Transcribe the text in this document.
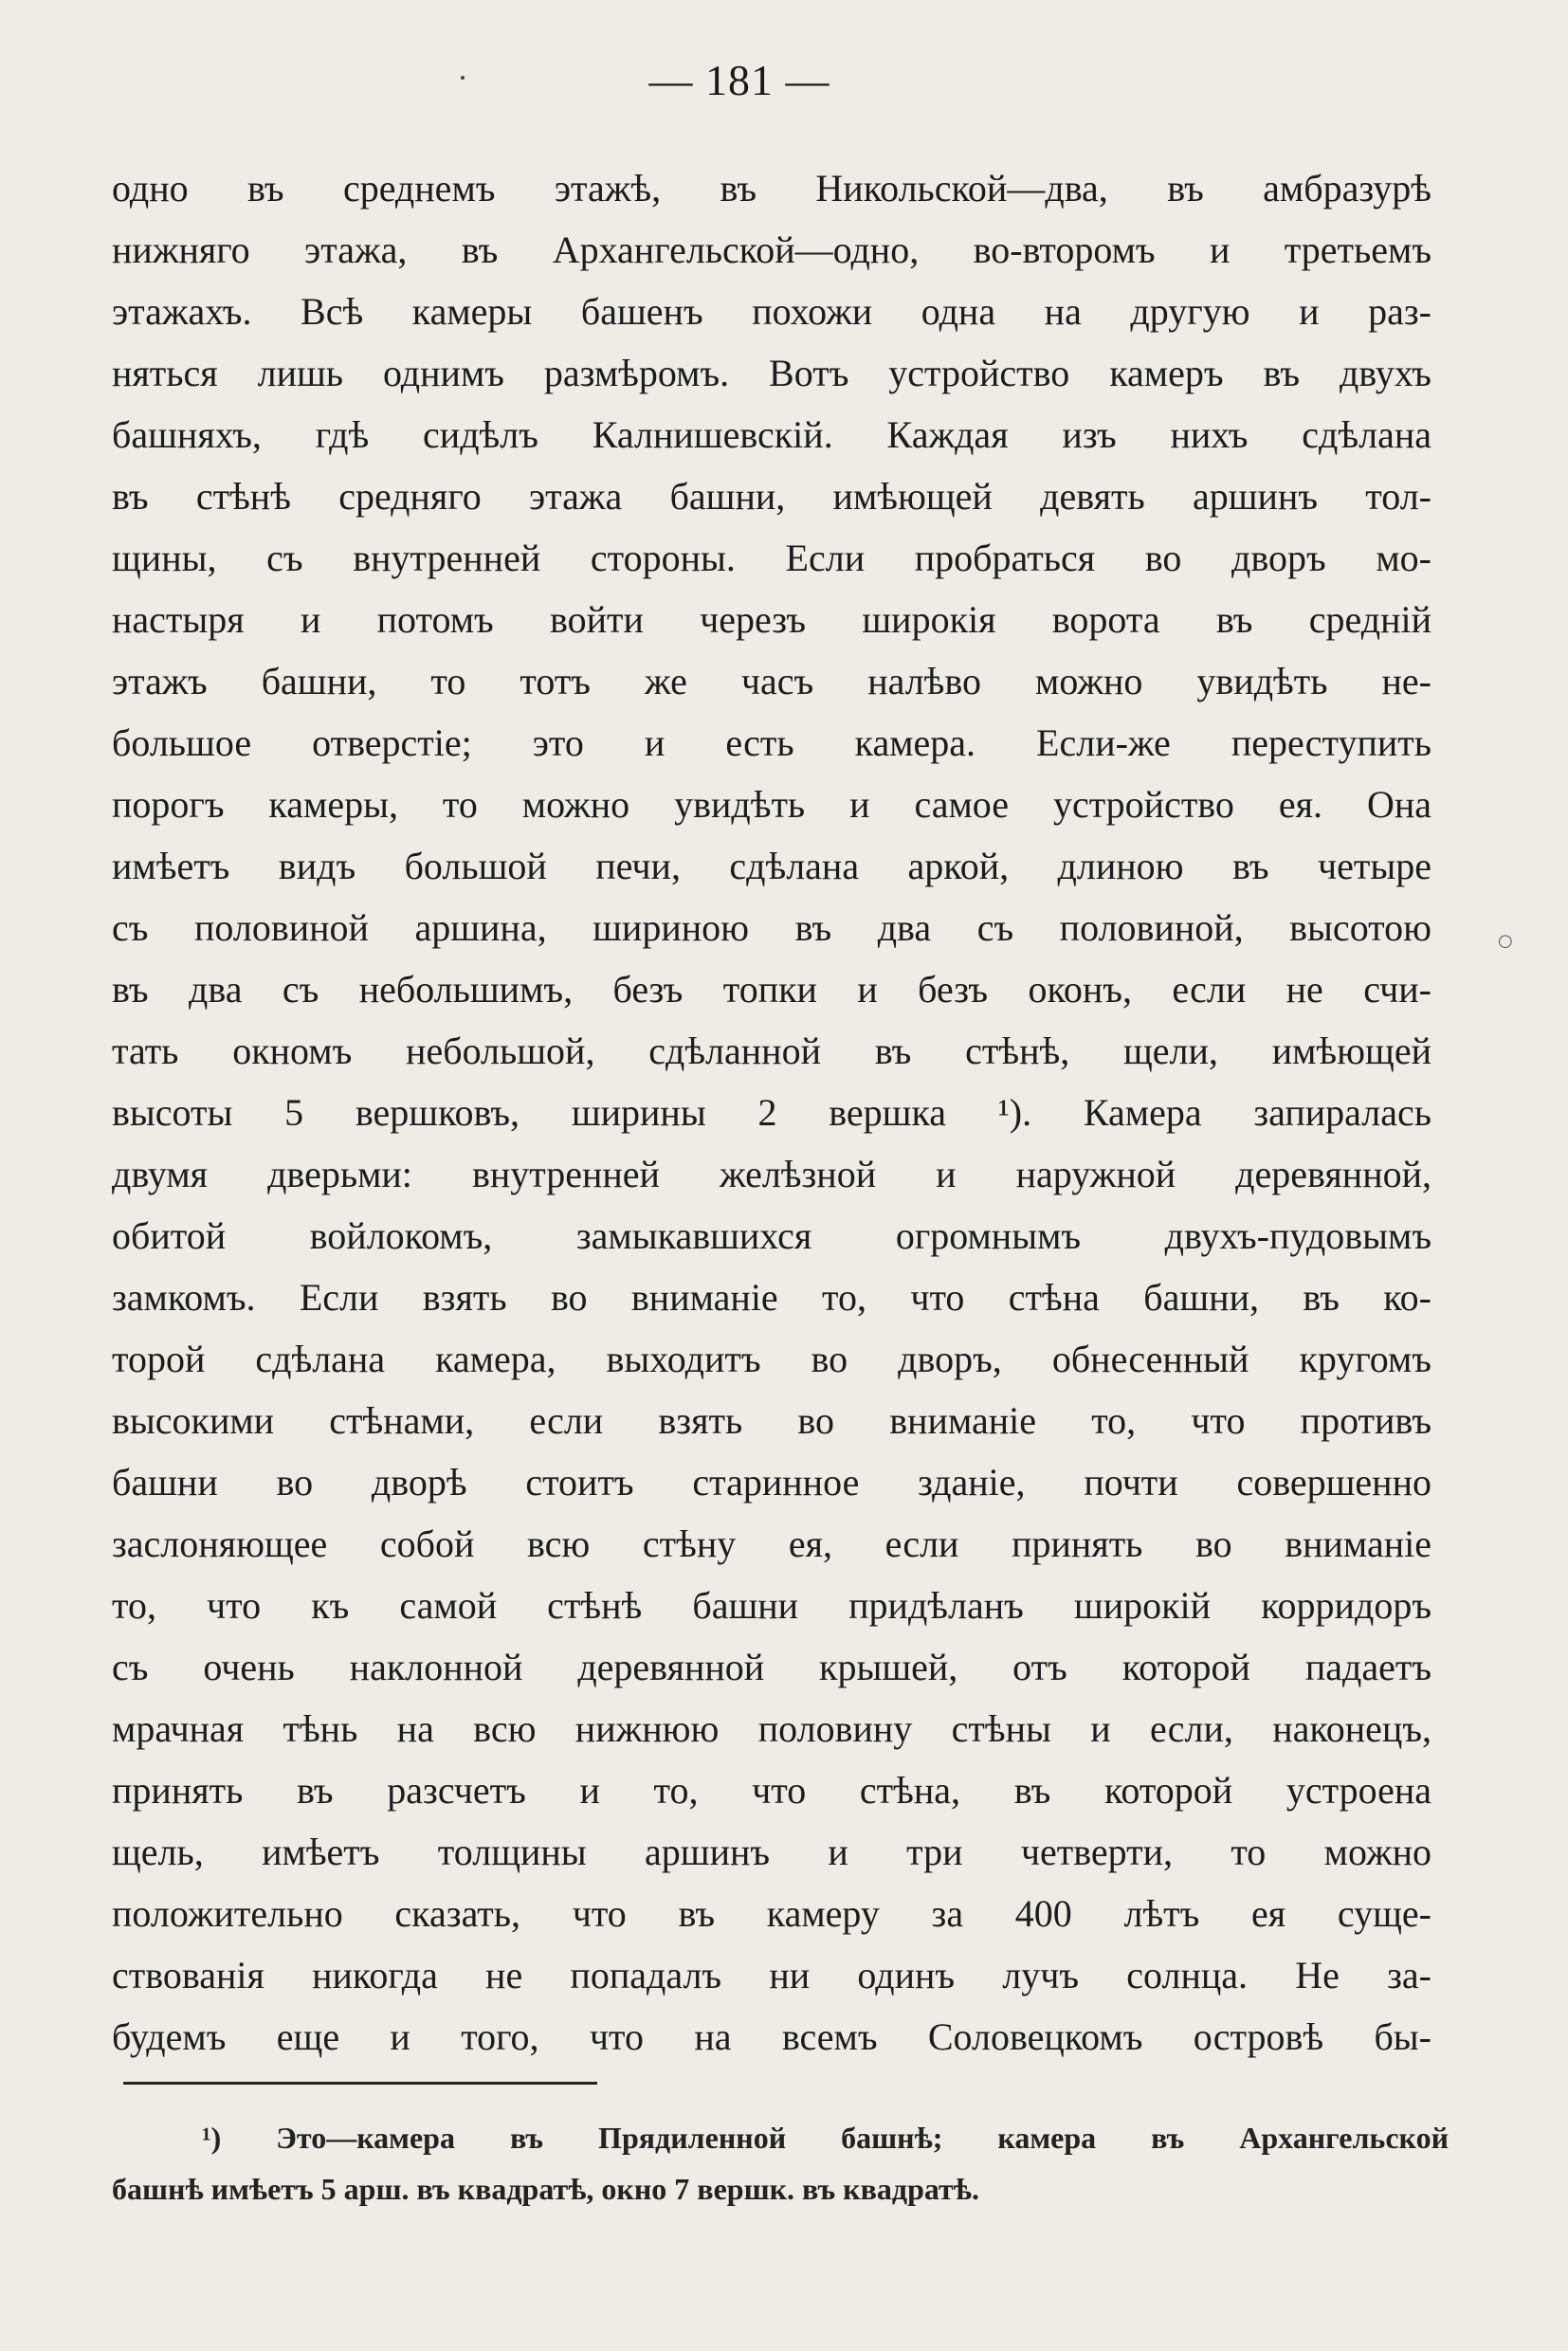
— 181 —
○
одно въ среднемъ этажѣ, въ Никольской—два, въ амбразурѣ
нижняго этажа, въ Архангельской—одно, во-второмъ и третьемъ
этажахъ. Всѣ камеры башенъ похожи одна на другую и раз-
няться лишь однимъ размѣромъ. Вотъ устройство камеръ въ двухъ
башняхъ, гдѣ сидѣлъ Калнишевскій. Каждая изъ нихъ сдѣлана
въ стѣнѣ средняго этажа башни, имѣющей девять аршинъ тол-
щины, съ внутренней стороны. Если пробраться во дворъ мо-
настыря и потомъ войти черезъ широкія ворота въ средній
этажъ башни, то тотъ же часъ налѣво можно увидѣть не-
большое отверстіе; это и есть камера. Если-же переступить
порогъ камеры, то можно увидѣть и самое устройство ея. Она
имѣетъ видъ большой печи, сдѣлана аркой, длиною въ четыре
съ половиной аршина, шириною въ два съ половиной, высотою
въ два съ небольшимъ, безъ топки и безъ оконъ, если не счи-
тать окномъ небольшой, сдѣланной въ стѣнѣ, щели, имѣющей
высоты 5 вершковъ, ширины 2 вершка ¹). Камера запиралась
двумя дверьми: внутренней желѣзной и наружной деревянной,
обитой войлокомъ, замыкавшихся огромнымъ двухъ-пудовымъ
замкомъ. Если взять во вниманіе то, что стѣна башни, въ ко-
торой сдѣлана камера, выходитъ во дворъ, обнесенный кругомъ
высокими стѣнами, если взять во вниманіе то, что противъ
башни во дворѣ стоитъ старинное зданіе, почти совершенно
заслоняющее собой всю стѣну ея, если принять во вниманіе
то, что къ самой стѣнѣ башни придѣланъ широкій корридоръ
съ очень наклонной деревянной крышей, отъ которой падаетъ
мрачная тѣнь на всю нижнюю половину стѣны и если, наконецъ,
принять въ разсчетъ и то, что стѣна, въ которой устроена
щель, имѣетъ толщины аршинъ и три четверти, то можно
положительно сказать, что въ камеру за 400 лѣтъ ея суще-
ствованія никогда не попадалъ ни одинъ лучъ солнца. Не за-
будемъ еще и того, что на всемъ Соловецкомъ островѣ бы-
¹) Это—камера въ Прядиленной башнѣ; камера въ Архангельской
башнѣ имѣетъ 5 арш. въ квадратѣ, окно 7 вершк. въ квадратѣ.
